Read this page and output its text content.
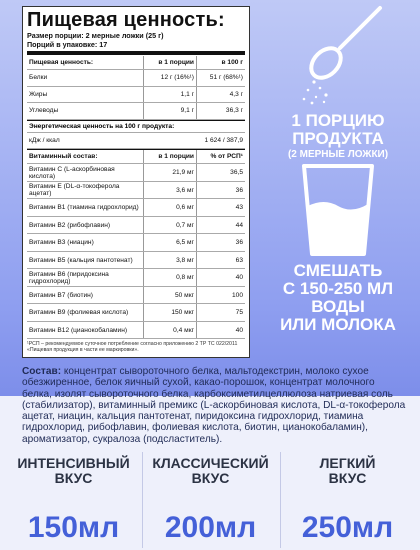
Пищевая ценность:
Размер порции: 2 мерные ложки (25 г)
Порций в упаковке: 17
Пищевая ценность:	в 1 порции	в 100 г
Белки	12 г (16%¹)	51 г (68%¹)
Жиры	1,1 г	4,3 г
Углеводы	9,1 г	36,3 г
Энергетическая ценность на 100 г продукта:
кДж / ккал	1 624 / 387,9
Витаминный состав:	в 1 порции	% от РСП¹
Витамин C (L-аскорбиновая кислота)	21,9 мг	36,5
Витамин E (DL-α-токоферола ацетат)	3,6 мг	36
Витамин B1 (тиамина гидрохлорид)	0,6 мг	43
Витамин B2 (рибофлавин)	0,7 мг	44
Витамин B3 (ниацин)	6,5 мг	36
Витамин B5 (кальция пантотенат)	3,8 мг	63
Витамин B6 (пиридоксина гидрохлорид)	0,8 мг	40
Витамин B7 (биотин)	50 мкг	100
Витамин B9 (фолиевая кислота)	150 мкг	75
Витамин B12 (цианокобаламин)	0,4 мкг	40
¹РСП – рекомендуемое суточное потребление согласно приложению 2 ТР ТС 022/2011 «Пищевая продукция в части ее маркировки».
1 ПОРЦИЮ
ПРОДУКТА
(2 МЕРНЫЕ ЛОЖКИ)
СМЕШАТЬ
С 150-250 МЛ
ВОДЫ
ИЛИ МОЛОКА
Состав: концентрат сывороточного белка, мальтодекстрин, молоко сухое обезжиренное, белок яичный сухой, какао-порошок, концентрат молочного белка, изолят сывороточного белка, карбоксиметилцеллюлоза натриевая соль (стабилизатор), витаминный премикс (L-аскорбиновая кислота, DL-α-токоферола ацетат, ниацин, кальция пантотенат, пиридоксина гидрохлорид, тиамина гидрохлорид, рибофлавин, фолиевая кислота, биотин, цианокобаламин), ароматизатор, сукралоза (подсластитель).
ИНТЕНСИВНЫЙ
ВКУС
150мл
КЛАССИЧЕСКИЙ
ВКУС
200мл
ЛЕГКИЙ
ВКУС
250мл
